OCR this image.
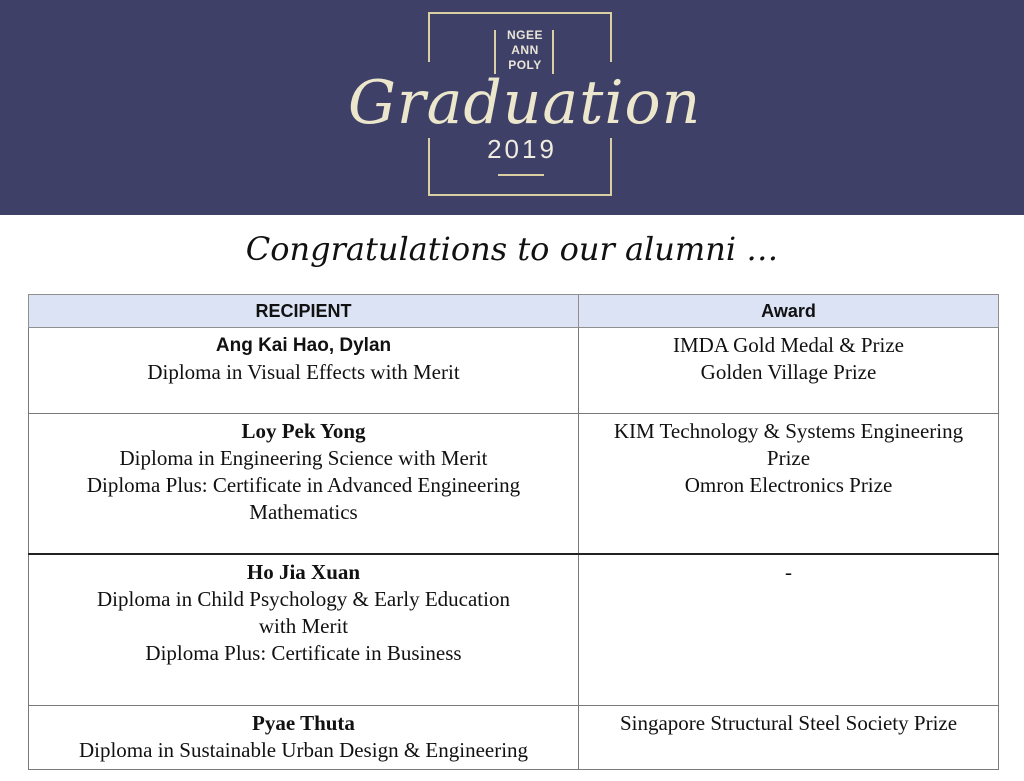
NGEE
ANN
POLY
Graduation
2019
Congratulations to our alumni …
RECIPIENT	Award

Ang Kai Hao, Dylan
Diploma in Visual Effects with Merit	IMDA Gold Medal & Prize
Golden Village Prize

Loy Pek Yong
Diploma in Engineering Science with Merit
Diploma Plus: Certificate in Advanced Engineering
Mathematics	KIM Technology & Systems Engineering
Prize
Omron Electronics Prize

Ho Jia Xuan
Diploma in Child Psychology & Early Education
with Merit
Diploma Plus: Certificate in Business	-

Pyae Thuta
Diploma in Sustainable Urban Design & Engineering	Singapore Structural Steel Society Prize
